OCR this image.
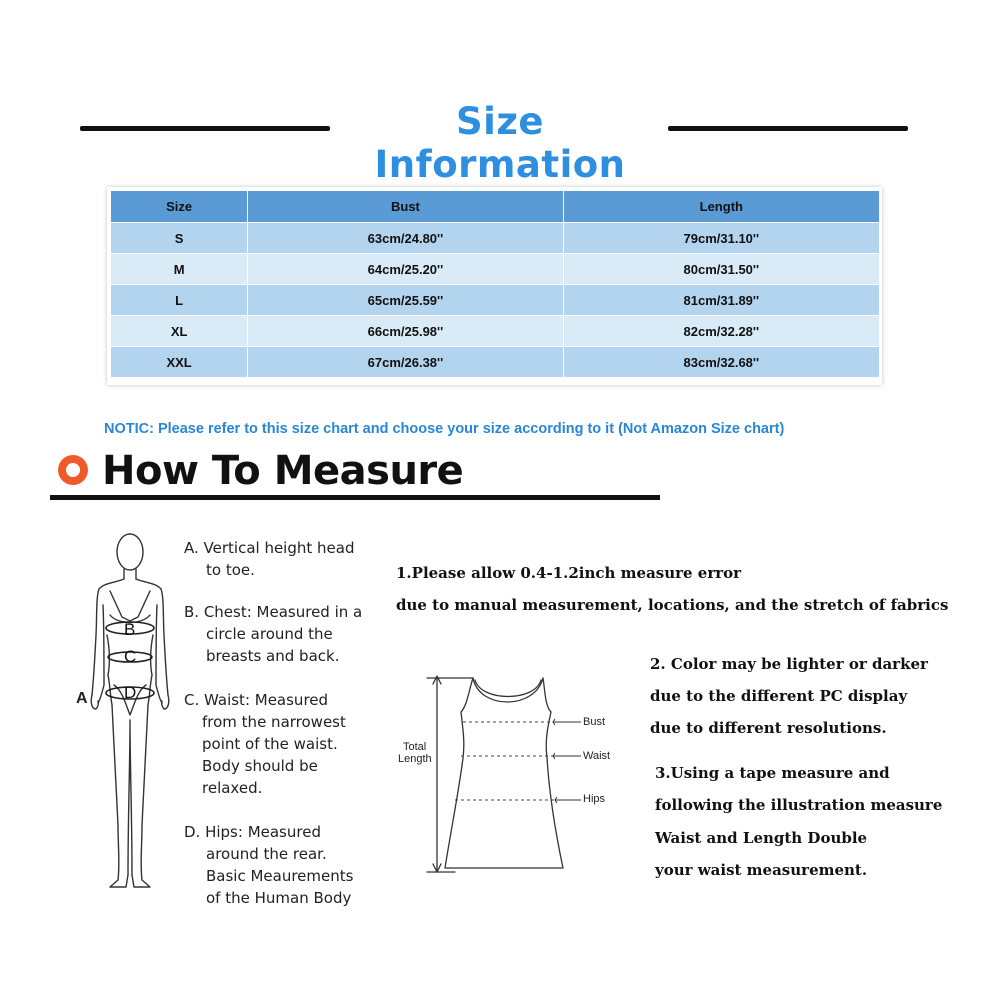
Size Information
Size	Bust	Length
S	63cm/24.80''	79cm/31.10''
M	64cm/25.20''	80cm/31.50''
L	65cm/25.59''	81cm/31.89''
XL	66cm/25.98''	82cm/32.28''
XXL	67cm/26.38''	83cm/32.68''
NOTIC: Please refer to this size chart and choose your size according to it (Not Amazon Size chart)
How To Measure
A
B
C
D
A. Vertical height head
to toe.
B. Chest: Measured in a
circle around the
breasts and back.
C. Waist: Measured
from the narrowest
point of the waist.
Body should be
relaxed.
D. Hips: Measured
around the rear.
Basic Meaurements
of the Human Body
1.Please allow 0.4-1.2inch measure error
due to manual measurement, locations, and the stretch of fabrics
2. Color may be lighter or darker
due to the different PC display
due to different resolutions.
3.Using a tape measure and
following the illustration measure
Waist and Length Double
your waist measurement.
Total
Length
Bust
Waist
Hips
